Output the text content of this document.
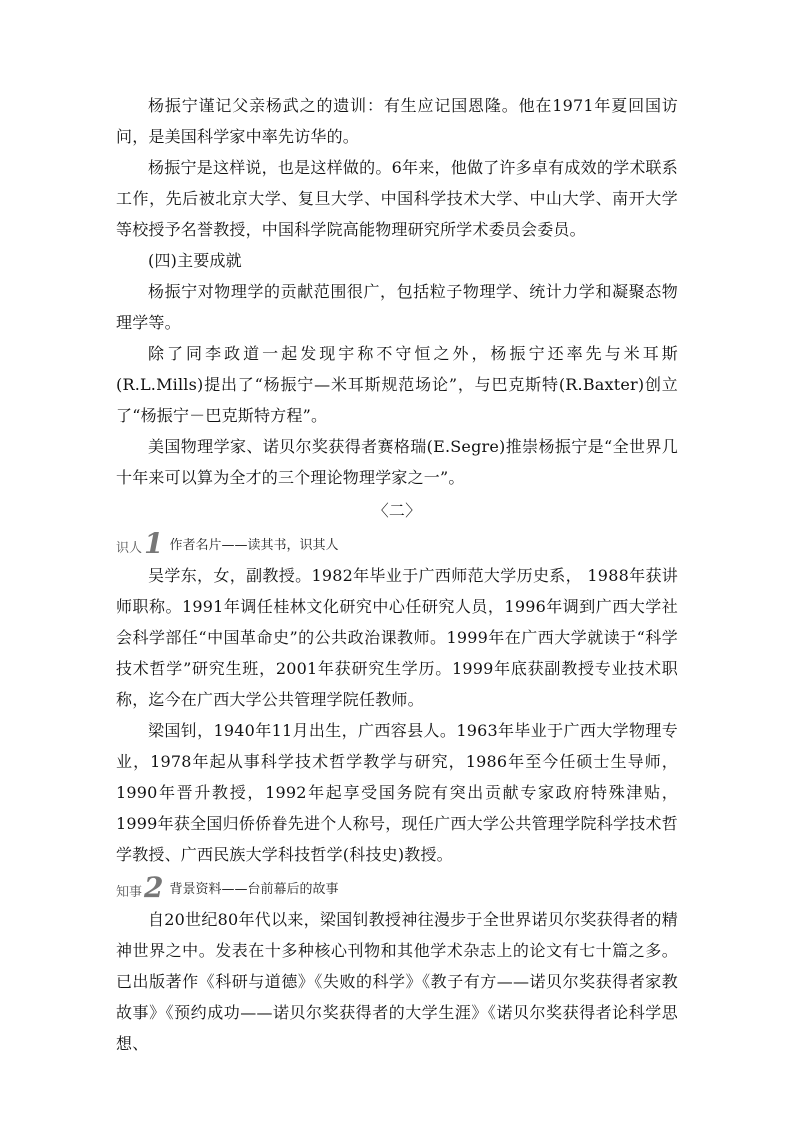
杨振宁谨记父亲杨武之的遗训：有生应记国恩隆。他在1971年夏回国访问，是美国科学家中率先访华的。

杨振宁是这样说，也是这样做的。6年来，他做了许多卓有成效的学术联系工作，先后被北京大学、复旦大学、中国科学技术大学、中山大学、南开大学等校授予名誉教授，中国科学院高能物理研究所学术委员会委员。

(四)主要成就

杨振宁对物理学的贡献范围很广，包括粒子物理学、统计力学和凝聚态物理学等。

除了同李政道一起发现宇称不守恒之外，杨振宁还率先与米耳斯(R.L.Mills)提出了“杨振宁—米耳斯规范场论”，与巴克斯特(R.Baxter)创立了“杨振宁－巴克斯特方程”。

美国物理学家、诺贝尔奖获得者赛格瑞(E.Segre)推崇杨振宁是“全世界几十年来可以算为全才的三个理论物理学家之一”。

〈二〉

识人 1 作者名片——读其书，识其人

吴学东，女，副教授。1982年毕业于广西师范大学历史系， 1988年获讲师职称。1991年调任桂林文化研究中心任研究人员，1996年调到广西大学社会科学部任“中国革命史”的公共政治课教师。1999年在广西大学就读于“科学技术哲学”研究生班，2001年获研究生学历。1999年底获副教授专业技术职称，迄今在广西大学公共管理学院任教师。

梁国钊，1940年11月出生，广西容县人。1963年毕业于广西大学物理专业，1978年起从事科学技术哲学教学与研究，1986年至今任硕士生导师，1990年晋升教授，1992年起享受国务院有突出贡献专家政府特殊津贴， 1999年获全国归侨侨眷先进个人称号，现任广西大学公共管理学院科学技术哲学教授、广西民族大学科技哲学(科技史)教授。

知事 2 背景资料——台前幕后的故事

自20世纪80年代以来，梁国钊教授神往漫步于全世界诺贝尔奖获得者的精神世界之中。发表在十多种核心刊物和其他学术杂志上的论文有七十篇之多。已出版著作《科研与道德》《失败的科学》《教子有方——诺贝尔奖获得者家教故事》《预约成功——诺贝尔奖获得者的大学生涯》《诺贝尔奖获得者论科学思想、
